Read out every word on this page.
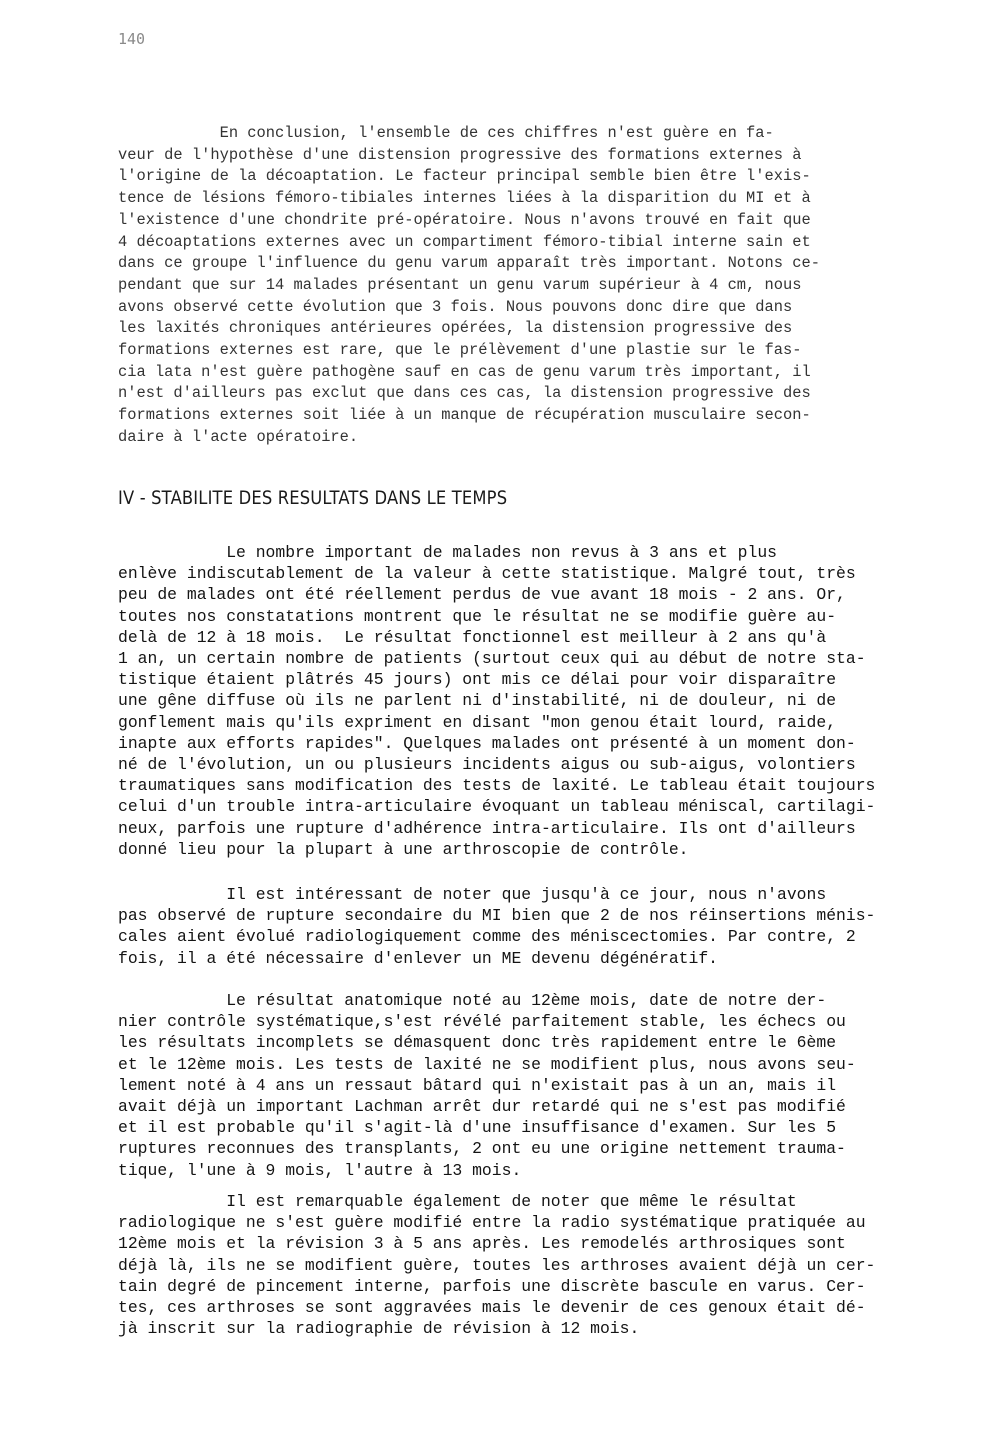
140

En conclusion, l'ensemble de ces chiffres n'est guère en fa-
veur de l'hypothèse d'une distension progressive des formations externes à
l'origine de la décoaptation. Le facteur principal semble bien être l'exis-
tence de lésions fémoro-tibiales internes liées à la disparition du MI et à
l'existence d'une chondrite pré-opératoire. Nous n'avons trouvé en fait que
4 décoaptations externes avec un compartiment fémoro-tibial interne sain et
dans ce groupe l'influence du genu varum apparaît très important. Notons ce-
pendant que sur 14 malades présentant un genu varum supérieur à 4 cm, nous
avons observé cette évolution que 3 fois. Nous pouvons donc dire que dans
les laxités chroniques antérieures opérées, la distension progressive des
formations externes est rare, que le prélèvement d'une plastie sur le fas-
cia lata n'est guère pathogène sauf en cas de genu varum très important, il
n'est d'ailleurs pas exclut que dans ces cas, la distension progressive des
formations externes soit liée à un manque de récupération musculaire secon-
daire à l'acte opératoire.
IV - STABILITE DES RESULTATS DANS LE TEMPS
Le nombre important de malades non revus à 3 ans et plus
enlève indiscutablement de la valeur à cette statistique. Malgré tout, très
peu de malades ont été réellement perdus de vue avant 18 mois - 2 ans. Or,
toutes nos constatations montrent que le résultat ne se modifie guère au-
delà de 12 à 18 mois.  Le résultat fonctionnel est meilleur à 2 ans qu'à
1 an, un certain nombre de patients (surtout ceux qui au début de notre sta-
tistique étaient plâtrés 45 jours) ont mis ce délai pour voir disparaître
une gêne diffuse où ils ne parlent ni d'instabilité, ni de douleur, ni de
gonflement mais qu'ils expriment en disant "mon genou était lourd, raide,
inapte aux efforts rapides". Quelques malades ont présenté à un moment don-
né de l'évolution, un ou plusieurs incidents aigus ou sub-aigus, volontiers
traumatiques sans modification des tests de laxité. Le tableau était toujours
celui d'un trouble intra-articulaire évoquant un tableau méniscal, cartilagi-
neux, parfois une rupture d'adhérence intra-articulaire. Ils ont d'ailleurs
donné lieu pour la plupart à une arthroscopie de contrôle.
Il est intéressant de noter que jusqu'à ce jour, nous n'avons
pas observé de rupture secondaire du MI bien que 2 de nos réinsertions ménis-
cales aient évolué radiologiquement comme des méniscectomies. Par contre, 2
fois, il a été nécessaire d'enlever un ME devenu dégénératif.
Le résultat anatomique noté au 12ème mois, date de notre der-
nier contrôle systématique,s'est révélé parfaitement stable, les échecs ou
les résultats incomplets se démasquent donc très rapidement entre le 6ème
et le 12ème mois. Les tests de laxité ne se modifient plus, nous avons seu-
lement noté à 4 ans un ressaut bâtard qui n'existait pas à un an, mais il
avait déjà un important Lachman arrêt dur retardé qui ne s'est pas modifié
et il est probable qu'il s'agit-là d'une insuffisance d'examen. Sur les 5
ruptures reconnues des transplants, 2 ont eu une origine nettement trauma-
tique, l'une à 9 mois, l'autre à 13 mois.
Il est remarquable également de noter que même le résultat
radiologique ne s'est guère modifié entre la radio systématique pratiquée au
12ème mois et la révision 3 à 5 ans après. Les remodelés arthrosiques sont
déjà là, ils ne se modifient guère, toutes les arthroses avaient déjà un cer-
tain degré de pincement interne, parfois une discrète bascule en varus. Cer-
tes, ces arthroses se sont aggravées mais le devenir de ces genoux était dé-
jà inscrit sur la radiographie de révision à 12 mois.
